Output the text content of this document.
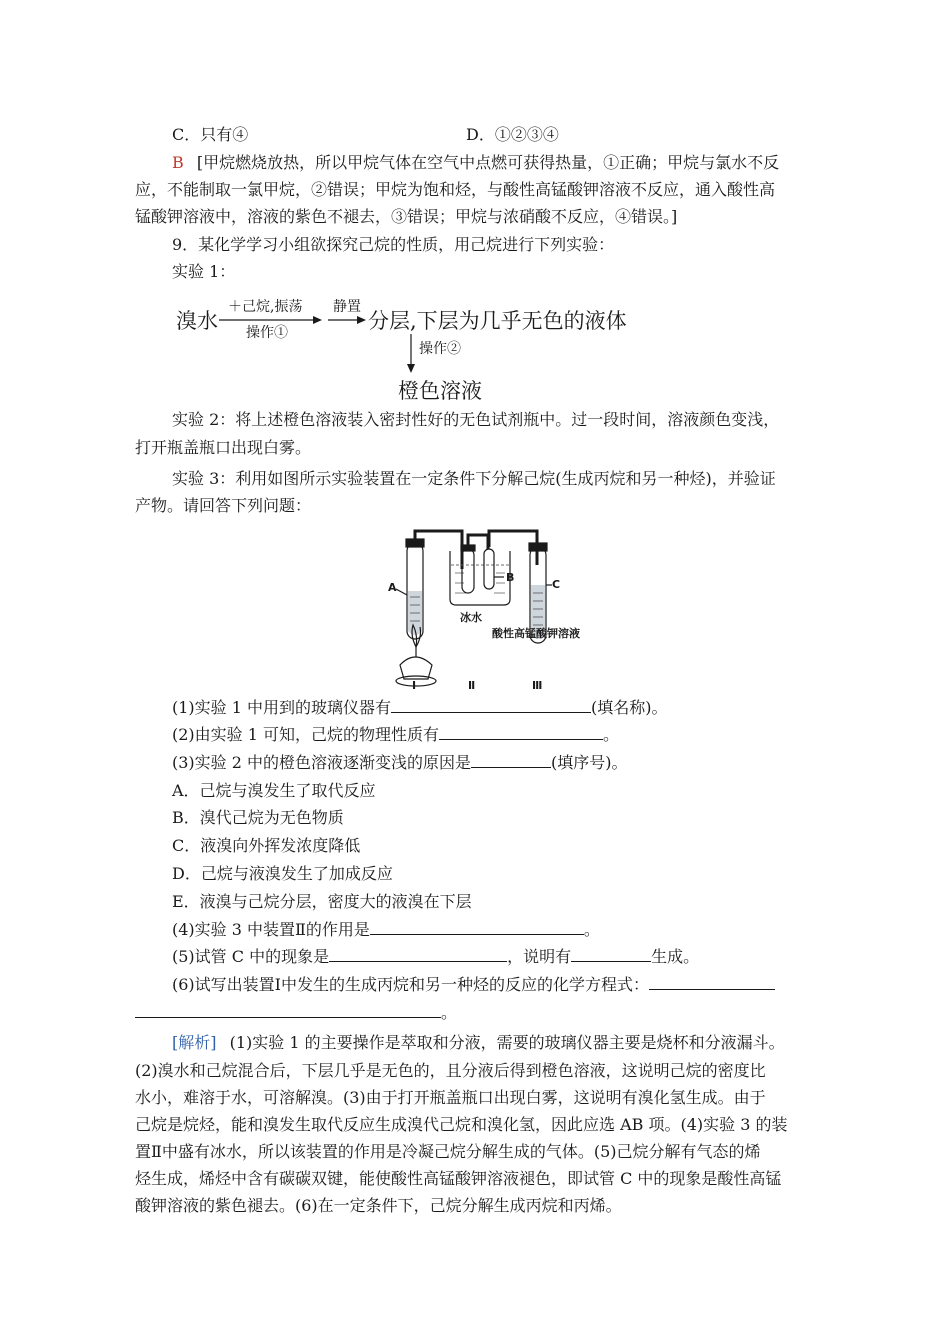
C．只有④	D．①②③④
B [甲烷燃烧放热，所以甲烷气体在空气中点燃可获得热量，①正确；甲烷与氯水不反
应，不能制取一氯甲烷，②错误；甲烷为饱和烃，与酸性高锰酸钾溶液不反应，通入酸性高
锰酸钾溶液中，溶液的紫色不褪去，③错误；甲烷与浓硝酸不反应，④错误。]
9．某化学学习小组欲探究己烷的性质，用己烷进行下列实验：
实验 1：
溴水
＋己烷,振荡
操作①
静置
分层,下层为几乎无色的液体
操作②
橙色溶液
实验 2：将上述橙色溶液装入密封性好的无色试剂瓶中。过一段时间，溶液颜色变浅，
打开瓶盖瓶口出现白雾。
实验 3：利用如图所示实验装置在一定条件下分解己烷(生成丙烷和另一种烃)，并验证
产物。请回答下列问题：
A
B
C
冰水
酸性高锰酸钾溶液
Ⅰ	Ⅱ	Ⅲ
(1)实验 1 中用到的玻璃仪器有	(填名称)。
(2)由实验 1 可知，己烷的物理性质有	。
(3)实验 2 中的橙色溶液逐渐变浅的原因是	(填序号)。
A．己烷与溴发生了取代反应
B．溴代己烷为无色物质
C．液溴向外挥发浓度降低
D．己烷与液溴发生了加成反应
E．液溴与己烷分层，密度大的液溴在下层
(4)实验 3 中装置Ⅱ的作用是	。
(5)试管 C 中的现象是	，说明有	生成。
(6)试写出装置Ⅰ中发生的生成丙烷和另一种烃的反应的化学方程式：
。
[解析] (1)实验 1 的主要操作是萃取和分液，需要的玻璃仪器主要是烧杯和分液漏斗。
(2)溴水和己烷混合后，下层几乎是无色的，且分液后得到橙色溶液，这说明己烷的密度比
水小，难溶于水，可溶解溴。(3)由于打开瓶盖瓶口出现白雾，这说明有溴化氢生成。由于
己烷是烷烃，能和溴发生取代反应生成溴代己烷和溴化氢，因此应选 AB 项。(4)实验 3 的装
置Ⅱ中盛有冰水，所以该装置的作用是冷凝己烷分解生成的气体。(5)己烷分解有气态的烯
烃生成，烯烃中含有碳碳双键，能使酸性高锰酸钾溶液褪色，即试管 C 中的现象是酸性高锰
酸钾溶液的紫色褪去。(6)在一定条件下，己烷分解生成丙烷和丙烯。
